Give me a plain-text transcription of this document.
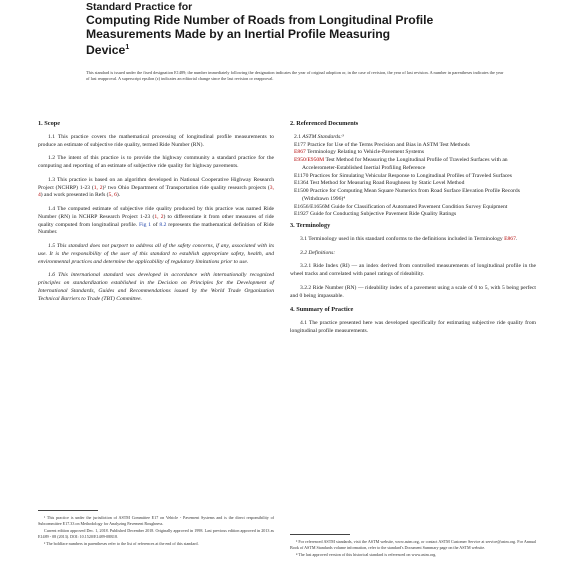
Standard Practice for
Computing Ride Number of Roads from Longitudinal Profile
Measurements Made by an Inertial Profile Measuring
Device$^1$
This standard is issued under the fixed designation E1489; the number immediately following the designation indicates the year of original adoption or, in the case of revision, the year of last revision. A number in parentheses indicates the year of last reapproval. A superscript epsilon (ε) indicates an editorial change since the last revision or reapproval.
1. Scope

1.1 This practice covers the mathematical processing of longitudinal profile measurements to produce an estimate of subjective ride quality, termed Ride Number (RN).

1.2 The intent of this practice is to provide the highway community a standard practice for the computing and reporting of an estimate of subjective ride quality for highway pavements.

1.3 This practice is based on an algorithm developed in National Cooperative Highway Research Project (NCHRP) 1-23 (1, 2)² two Ohio Department of Transportation ride quality research projects (3, 4) and work presented in Refs (5, 6).

1.4 The computed estimate of subjective ride quality produced by this practice was named Ride Number (RN) in NCHRP Research Project 1-23 (1, 2) to differentiate it from other measures of ride quality computed from longitudinal profile. Fig 1 of 8.2 represents the mathematical definition of Ride Number.

1.5 This standard does not purport to address all of the safety concerns, if any, associated with its use. It is the responsibility of the user of this standard to establish appropriate safety, health, and environmental practices and determine the applicability of regulatory limitations prior to use.

1.6 This international standard was developed in accordance with internationally recognized principles on standardization established in the Decision on Principles for the Development of International Standards, Guides and Recommendations issued by the World Trade Organization Technical Barriers to Trade (TBT) Committee.

¹ This practice is under the jurisdiction of ASTM Committee E17 on Vehicle - Pavement Systems and is the direct responsibility of Subcommittee E17.33 on Methodology for Analyzing Pavement Roughness.
Current edition approved Dec. 1, 2018. Published December 2018. Originally approved in 1998. Last previous edition approved in 2013 as E1489 - 08 (2013). DOI: 10.1520/E1489-08R18.
² The boldface numbers in parentheses refer to the list of references at the end of this standard.
2. Referenced Documents
2.1 ASTM Standards:³
E177 Practice for Use of the Terms Precision and Bias in ASTM Test Methods
E867 Terminology Relating to Vehicle-Pavement Systems
E950/E950M Test Method for Measuring the Longitudinal Profile of Traveled Surfaces with an Accelerometer-Established Inertial Profiling Reference
E1170 Practices for Simulating Vehicular Response to Longitudinal Profiles of Traveled Surfaces
E1364 Test Method for Measuring Road Roughness by Static Level Method
E1500 Practice for Computing Mean Square Numerics from Road Surface Elevation Profile Records (Withdrawn 1996)⁴
E1656/E1656M Guide for Classification of Automated Pavement Condition Survey Equipment
E1927 Guide for Conducting Subjective Pavement Ride Quality Ratings
3. Terminology

3.1 Terminology used in this standard conforms to the definitions included in Terminology E867.

3.2 Definitions:

3.2.1 Ride Index (RI) — an index derived from controlled measurements of longitudinal profile in the wheel tracks and correlated with panel ratings of rideability.

3.2.2 Ride Number (RN) — rideability index of a pavement using a scale of 0 to 5, with 5 being perfect and 0 being impassable.

4. Summary of Practice

4.1 The practice presented here was developed specifically for estimating subjective ride quality from longitudinal profile measurements.

³ For referenced ASTM standards, visit the ASTM website, www.astm.org, or contact ASTM Customer Service at service@astm.org. For Annual Book of ASTM Standards volume information, refer to the standard's Document Summary page on the ASTM website.
⁴ The last approved version of this historical standard is referenced on www.astm.org.
